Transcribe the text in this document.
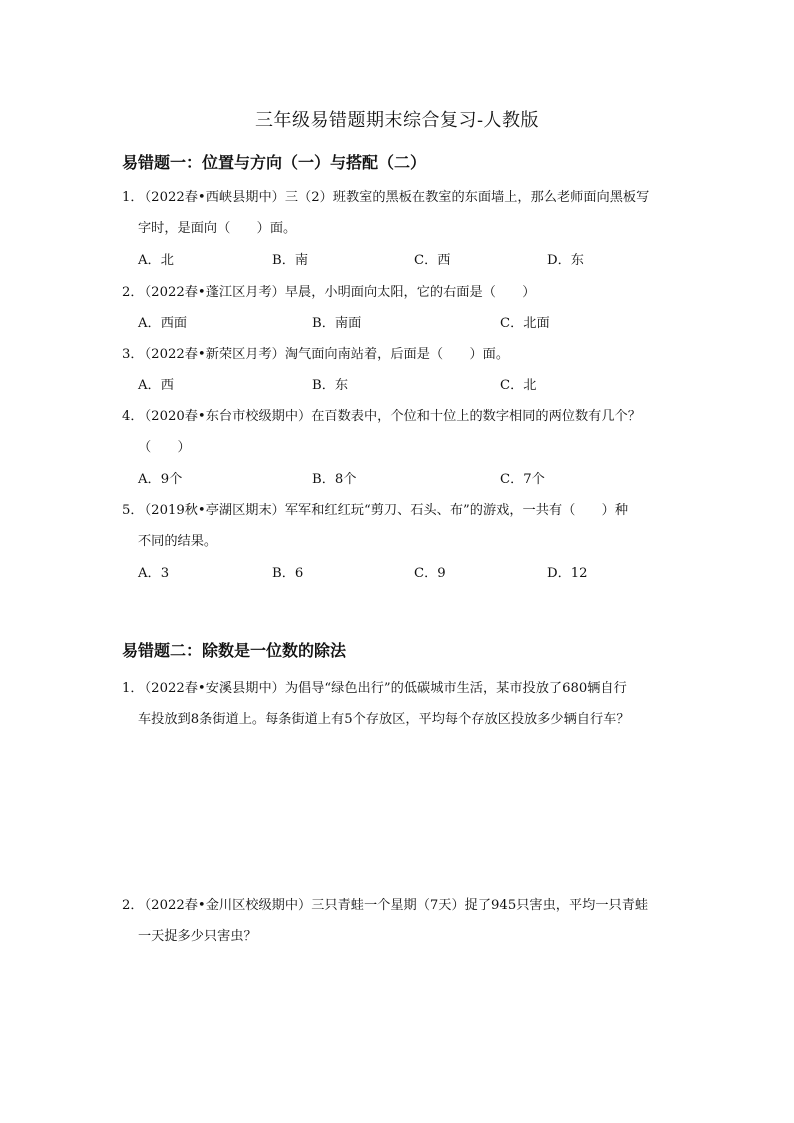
三年级易错题期末综合复习-人教版
易错题一：位置与方向（一）与搭配（二）
1．（2022春•西峡县期中）三（2）班教室的黑板在教室的东面墙上，那么老师面向黑板写
字时，是面向（　　）面。
A．北	B．南	C．西	D．东
2．（2022春•蓬江区月考）早晨，小明面向太阳，它的右面是（　　）
A．西面	B．南面	C．北面
3．（2022春•新荣区月考）淘气面向南站着，后面是（　　）面。
A．西	B．东	C．北
4．（2020春•东台市校级期中）在百数表中，个位和十位上的数字相同的两位数有几个？
（　　）
A．9个	B．8个	C．7个
5．（2019秋•亭湖区期末）军军和红红玩“剪刀、石头、布”的游戏，一共有（　　）种
不同的结果。
A．3	B．6	C．9	D．12
易错题二：除数是一位数的除法
1．（2022春•安溪县期中）为倡导“绿色出行”的低碳城市生活，某市投放了680辆自行
车投放到8条街道上。每条街道上有5个存放区，平均每个存放区投放多少辆自行车？
2．（2022春•金川区校级期中）三只青蛙一个星期（7天）捉了945只害虫，平均一只青蛙
一天捉多少只害虫？
